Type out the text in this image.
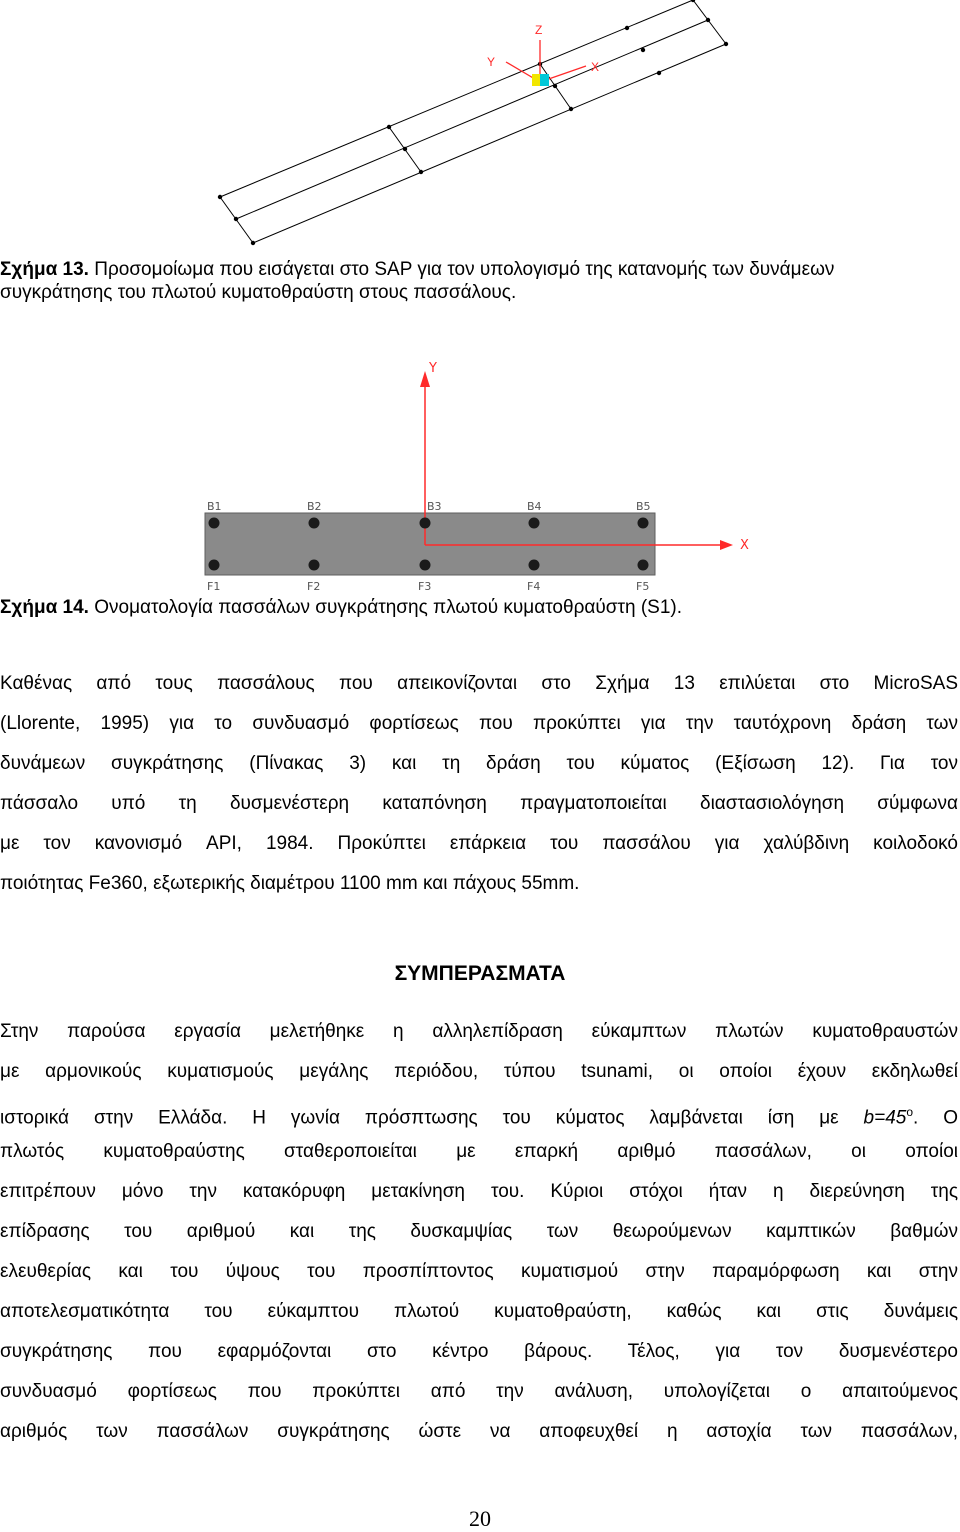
Z
Y	X
Σχήμα 13. Προσομοίωμα που εισάγεται στο SAP για τον υπολογισμό της κατανομής των δυνάμεων
συγκράτησης του πλωτού κυματοθραύστη στους πασσάλους.
Y
X
B1	B2	B3	B4	B5
F1	F2	F3	F4	F5
Σχήμα 14. Ονοματολογία πασσάλων συγκράτησης πλωτού κυματοθραύστη (S1).

Καθένας από τους πασσάλους που απεικονίζονται στο Σχήμα 13 επιλύεται στο MicroSAS

(Llorente, 1995) για το συνδυασμό φορτίσεως που προκύπτει για την ταυτόχρονη δράση των

δυνάμεων συγκράτησης (Πίνακας 3) και τη δράση του κύματος (Εξίσωση 12). Για τον

πάσσαλο υπό τη δυσμενέστερη καταπόνηση πραγματοποιείται διαστασιολόγηση σύμφωνα

με τον κανονισμό API, 1984. Προκύπτει επάρκεια του πασσάλου για χαλύβδινη κοιλοδοκό

ποιότητας Fe360, εξωτερικής διαμέτρου 1100 mm και πάχους 55mm.

ΣΥΜΠΕΡΑΣΜΑΤΑ

Στην παρούσα εργασία μελετήθηκε η αλληλεπίδραση εύκαμπτων πλωτών κυματοθραυστών

με αρμονικούς κυματισμούς μεγάλης περιόδου, τύπου tsunami, οι οποίοι έχουν εκδηλωθεί

ιστορικά στην Ελλάδα. Η γωνία πρόσπτωσης του κύματος λαμβάνεται ίση με $b=45^o$. Ο

πλωτός κυματοθραύστης σταθεροποιείται με επαρκή αριθμό πασσάλων, οι οποίοι

επιτρέπουν μόνο την κατακόρυφη μετακίνηση του. Κύριοι στόχοι ήταν η διερεύνηση της

επίδρασης του αριθμού και της δυσκαμψίας των θεωρούμενων καμπτικών βαθμών

ελευθερίας και του ύψους του προσπίπτοντος κυματισμού στην παραμόρφωση και στην

αποτελεσματικότητα του εύκαμπτου πλωτού κυματοθραύστη, καθώς και στις δυνάμεις

συγκράτησης που εφαρμόζονται στο κέντρο βάρους. Τέλος, για τον δυσμενέστερο

συνδυασμό φορτίσεως που προκύπτει από την ανάλυση, υπολογίζεται ο απαιτούμενος

αριθμός των πασσάλων συγκράτησης ώστε να αποφευχθεί η αστοχία των πασσάλων,

20
